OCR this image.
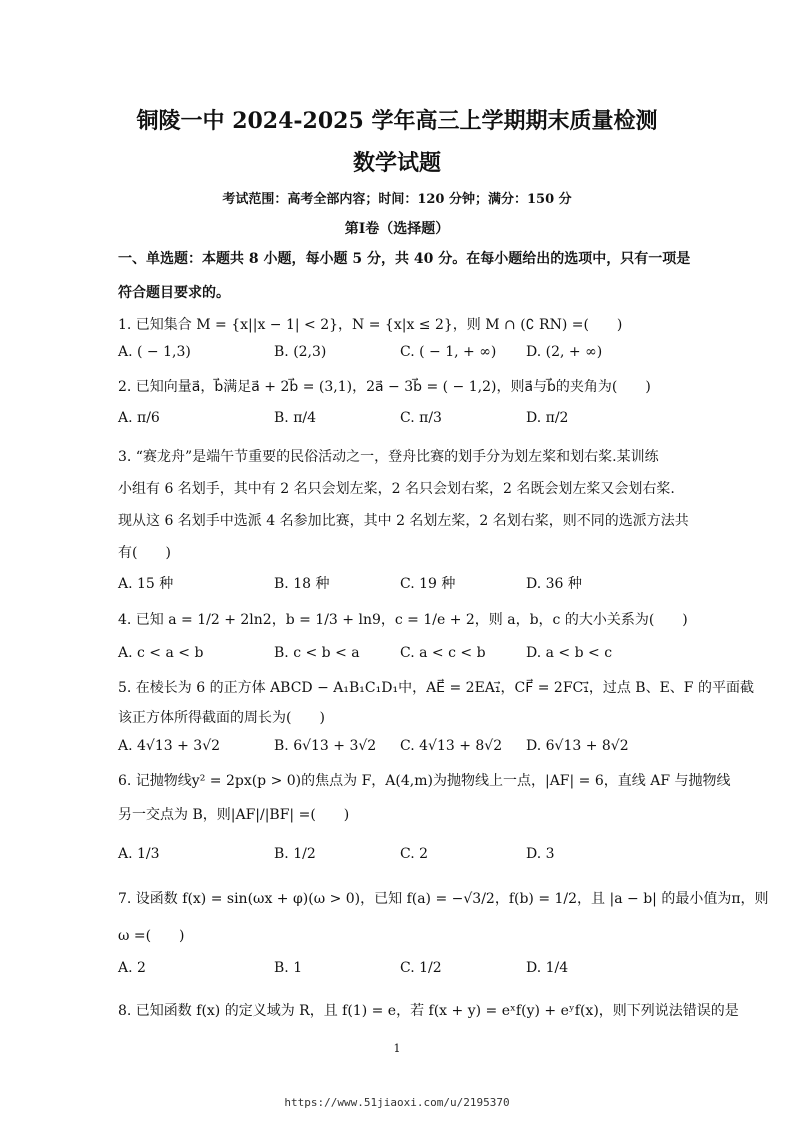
铜陵一中 2024-2025 学年高三上学期期末质量检测
数学试题
考试范围：高考全部内容；时间：120 分钟；满分：150 分
第Ⅰ卷（选择题）
一、单选题：本题共 8 小题，每小题 5 分，共 40 分。在每小题给出的选项中，只有一项是
符合题目要求的。
1. 已知集合 M = {x||x − 1| < 2}，N = {x|x ≤ 2}，则 M ∩ (∁ RN) =(　　)
A. ( − 1,3)	B. (2,3)	C. ( − 1, + ∞) D. (2, + ∞)
2. 已知向量a⃗，b⃗满足a⃗ + 2b⃗ = (3,1)，2a⃗ − 3b⃗ = ( − 1,2)，则a⃗与b⃗的夹角为(　　)
A. π/6	B. π/4	C. π/3	D. π/2
3. “赛龙舟”是端午节重要的民俗活动之一，登舟比赛的划手分为划左桨和划右桨.某训练
小组有 6 名划手，其中有 2 名只会划左桨，2 名只会划右桨，2 名既会划左桨又会划右桨.
现从这 6 名划手中选派 4 名参加比赛，其中 2 名划左桨，2 名划右桨，则不同的选派方法共
有(　　)
A. 15 种	B. 18 种	C. 19 种	D. 36 种
4. 已知 a = 1/2 + 2ln2，b = 1/3 + ln9，c = 1/e + 2，则 a，b，c 的大小关系为(　　)
A. c < a < b	B. c < b < a	C. a < c < b	D. a < b < c
5. 在棱长为 6 的正方体 ABCD − A₁B₁C₁D₁中，AE⃗ = 2EA₁⃗，CF⃗ = 2FC₁⃗，过点 B、E、F 的平面截
该正方体所得截面的周长为(　　)
A. 4√13 + 3√2	B. 6√13 + 3√2 C. 4√13 + 8√2 D. 6√13 + 8√2
6. 记抛物线y² = 2px(p > 0)的焦点为 F，A(4,m)为抛物线上一点，|AF| = 6，直线 AF 与抛物线
另一交点为 B，则|AF|/|BF| =(　　)
A. 1/3	B. 1/2	C. 2	D. 3
7. 设函数 f(x) = sin(ωx + φ)(ω > 0)，已知 f(a) = −√3/2，f(b) = 1/2，且 |a − b| 的最小值为π，则
ω =(　　)
A. 2	B. 1	C. 1/2	D. 1/4
8. 已知函数 f(x) 的定义域为 R，且 f(1) = e，若 f(x + y) = eˣf(y) + eʸf(x)，则下列说法错误的是
1
https://www.51jiaoxi.com/u/2195370
